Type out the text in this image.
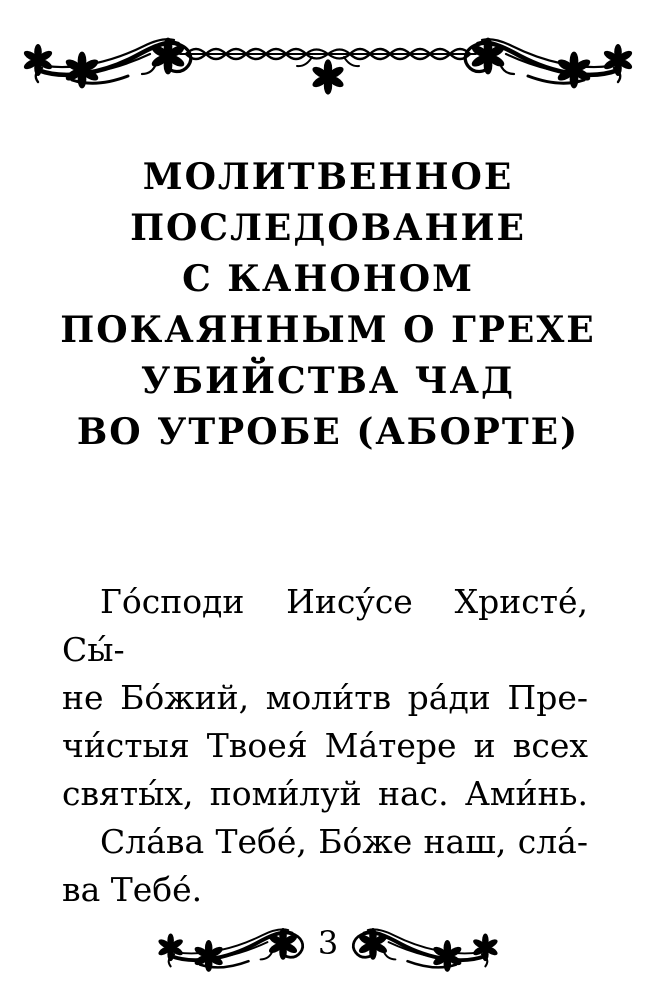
МОЛИТВЕННОЕ
ПОСЛЕДОВАНИЕ
С КАНОНОМ
ПОКАЯННЫМ О ГРЕХЕ
УБИЙСТВА ЧАД
ВО УТРОБЕ (АБОРТЕ)
Го́споди Иису́се Христе́, Сы́-
не Бо́жий, моли́тв ра́ди Пре-
чи́стыя Твоея́ Ма́тере и всех
святы́х, поми́луй нас. Ами́нь.
Сла́ва Тебе́, Бо́же наш, сла́-
ва Тебе́.
3
